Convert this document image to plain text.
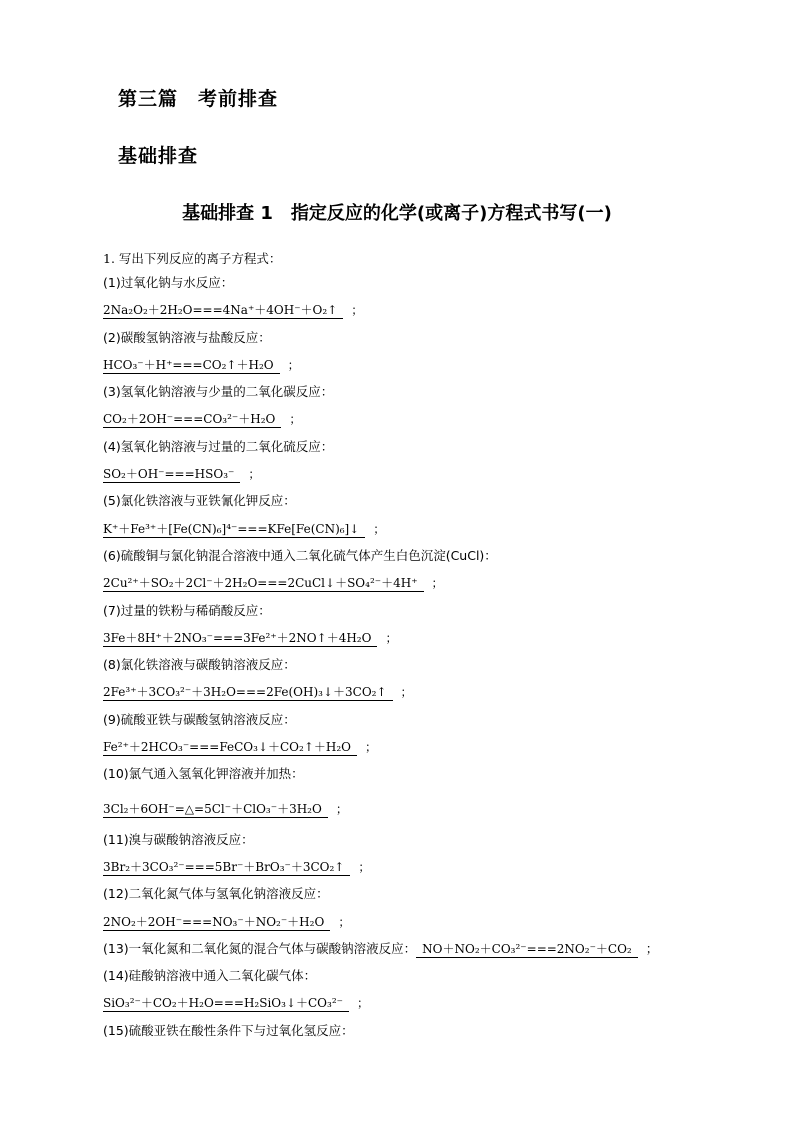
第三篇　考前排查
基础排查
基础排查 1　指定反应的化学(或离子)方程式书写(一)
1. 写出下列反应的离子方程式：
(1)过氧化钠与水反应：
2Na₂O₂＋2H₂O===4Na⁺＋4OH⁻＋O₂↑ ；
(2)碳酸氢钠溶液与盐酸反应：
HCO₃⁻＋H⁺===CO₂↑＋H₂O ；
(3)氢氧化钠溶液与少量的二氧化碳反应：
CO₂＋2OH⁻===CO₃²⁻＋H₂O ；
(4)氢氧化钠溶液与过量的二氧化硫反应：
SO₂＋OH⁻===HSO₃⁻ ；
(5)氯化铁溶液与亚铁氰化钾反应：
K⁺＋Fe³⁺＋[Fe(CN)₆]⁴⁻===KFe[Fe(CN)₆]↓ ；
(6)硫酸铜与氯化钠混合溶液中通入二氧化硫气体产生白色沉淀(CuCl)：
2Cu²⁺＋SO₂＋2Cl⁻＋2H₂O===2CuCl↓＋SO₄²⁻＋4H⁺ ；
(7)过量的铁粉与稀硝酸反应：
3Fe＋8H⁺＋2NO₃⁻===3Fe²⁺＋2NO↑＋4H₂O ；
(8)氯化铁溶液与碳酸钠溶液反应：
2Fe³⁺＋3CO₃²⁻＋3H₂O===2Fe(OH)₃↓＋3CO₂↑ ；
(9)硫酸亚铁与碳酸氢钠溶液反应：
Fe²⁺＋2HCO₃⁻===FeCO₃↓＋CO₂↑＋H₂O ；
(10)氯气通入氢氧化钾溶液并加热：
3Cl₂＋6OH⁻=△=5Cl⁻＋ClO₃⁻＋3H₂O ；
(11)溴与碳酸钠溶液反应：
3Br₂＋3CO₃²⁻===5Br⁻＋BrO₃⁻＋3CO₂↑ ；
(12)二氧化氮气体与氢氧化钠溶液反应：
2NO₂＋2OH⁻===NO₃⁻＋NO₂⁻＋H₂O ；
(13)一氧化氮和二氧化氮的混合气体与碳酸钠溶液反应： NO＋NO₂＋CO₃²⁻===2NO₂⁻＋CO₂ ；
(14)硅酸钠溶液中通入二氧化碳气体：
SiO₃²⁻＋CO₂＋H₂O===H₂SiO₃↓＋CO₃²⁻ ；
(15)硫酸亚铁在酸性条件下与过氧化氢反应：
